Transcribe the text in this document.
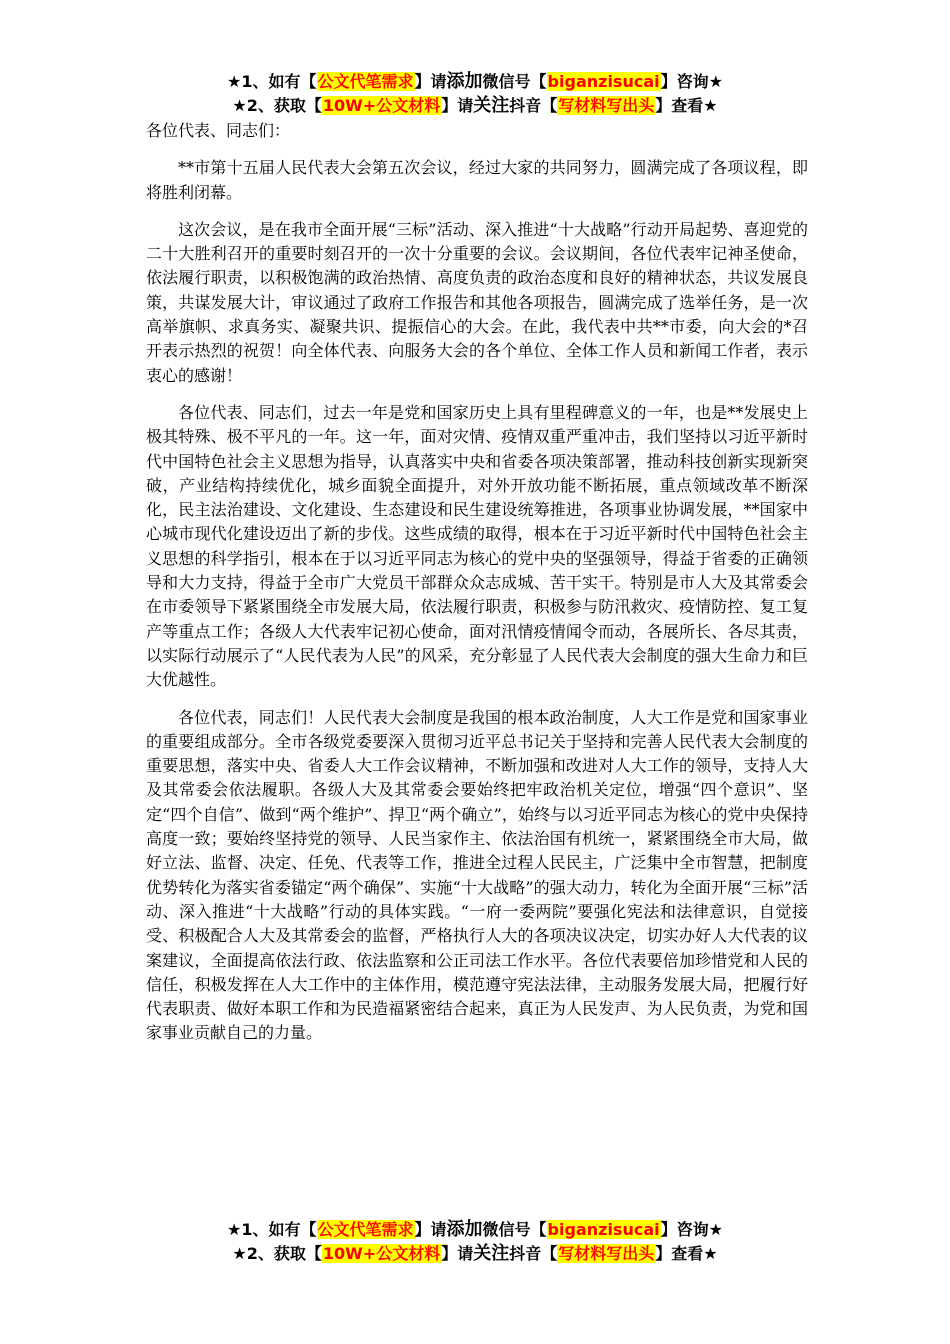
★1、如有【公文代笔需求】请添加微信号【biganzisucai】咨询★
★2、获取【10W+公文材料】请关注抖音【写材料写出头】查看★

各位代表、同志们：

**市第十五届人民代表大会第五次会议，经过大家的共同努力，圆满完成了各项议程，即将胜利闭幕。

这次会议，是在我市全面开展“三标”活动、深入推进“十大战略”行动开局起势、喜迎党的二十大胜利召开的重要时刻召开的一次十分重要的会议。会议期间，各位代表牢记神圣使命，依法履行职责，以积极饱满的政治热情、高度负责的政治态度和良好的精神状态，共议发展良策，共谋发展大计，审议通过了政府工作报告和其他各项报告，圆满完成了选举任务，是一次高举旗帜、求真务实、凝聚共识、提振信心的大会。在此，我代表中共**市委，向大会的*召开表示热烈的祝贺！向全体代表、向服务大会的各个单位、全体工作人员和新闻工作者，表示衷心的感谢！

各位代表、同志们，过去一年是党和国家历史上具有里程碑意义的一年，也是**发展史上极其特殊、极不平凡的一年。这一年，面对灾情、疫情双重严重冲击，我们坚持以习近平新时代中国特色社会主义思想为指导，认真落实中央和省委各项决策部署，推动科技创新实现新突破，产业结构持续优化，城乡面貌全面提升，对外开放功能不断拓展，重点领域改革不断深化，民主法治建设、文化建设、生态建设和民生建设统筹推进，各项事业协调发展，**国家中心城市现代化建设迈出了新的步伐。这些成绩的取得，根本在于习近平新时代中国特色社会主义思想的科学指引，根本在于以习近平同志为核心的党中央的坚强领导，得益于省委的正确领导和大力支持，得益于全市广大党员干部群众众志成城、苦干实干。特别是市人大及其常委会在市委领导下紧紧围绕全市发展大局，依法履行职责，积极参与防汛救灾、疫情防控、复工复产等重点工作；各级人大代表牢记初心使命，面对汛情疫情闻令而动，各展所长、各尽其责，以实际行动展示了“人民代表为人民”的风采，充分彰显了人民代表大会制度的强大生命力和巨大优越性。

各位代表，同志们！人民代表大会制度是我国的根本政治制度，人大工作是党和国家事业的重要组成部分。全市各级党委要深入贯彻习近平总书记关于坚持和完善人民代表大会制度的重要思想，落实中央、省委人大工作会议精神，不断加强和改进对人大工作的领导，支持人大及其常委会依法履职。各级人大及其常委会要始终把牢政治机关定位，增强“四个意识”、坚定“四个自信”、做到“两个维护”、捍卫“两个确立”，始终与以习近平同志为核心的党中央保持高度一致；要始终坚持党的领导、人民当家作主、依法治国有机统一，紧紧围绕全市大局，做好立法、监督、决定、任免、代表等工作，推进全过程人民民主，广泛集中全市智慧，把制度优势转化为落实省委锚定“两个确保”、实施“十大战略”的强大动力，转化为全面开展“三标”活动、深入推进“十大战略”行动的具体实践。“一府一委两院”要强化宪法和法律意识，自觉接受、积极配合人大及其常委会的监督，严格执行人大的各项决议决定，切实办好人大代表的议案建议，全面提高依法行政、依法监察和公正司法工作水平。各位代表要倍加珍惜党和人民的信任，积极发挥在人大工作中的主体作用，模范遵守宪法法律，主动服务发展大局，把履行好代表职责、做好本职工作和为民造福紧密结合起来，真正为人民发声、为人民负责，为党和国家事业贡献自己的力量。

★1、如有【公文代笔需求】请添加微信号【biganzisucai】咨询★
★2、获取【10W+公文材料】请关注抖音【写材料写出头】查看★
